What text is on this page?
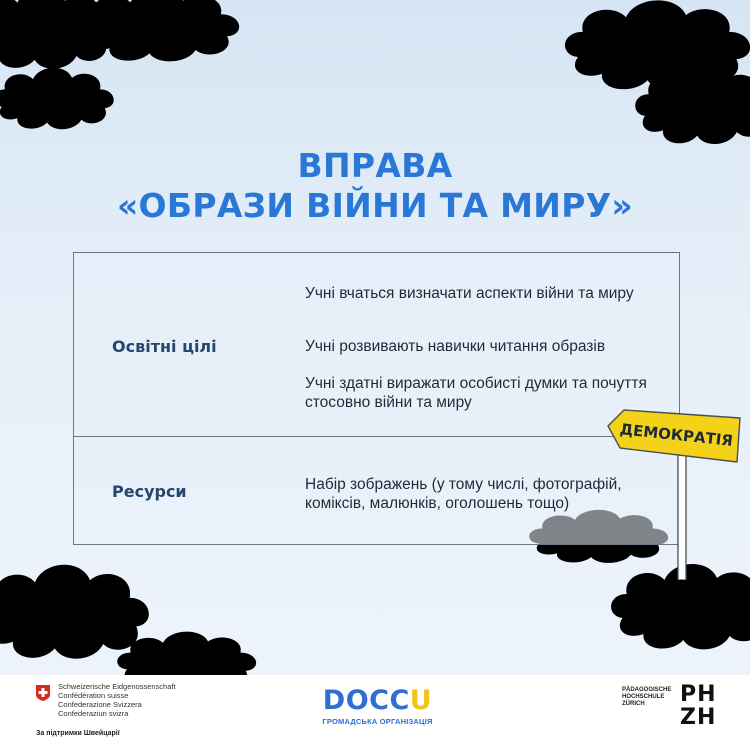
ВПРАВА
«ОБРАЗИ ВІЙНИ ТА МИРУ»
Освітні цілі
Учні вчаться визначати аспекти війни та миру
Учні розвивають навички читання образів
Учні здатні виражати особисті думки та почуття стосовно війни та миру
Ресурси	Набір зображень (у тому числі, фотографій, коміксів, малюнків, оголошень тощо)
ДЕМОКРАТІЯ
Schweizerische Eidgenossenschaft
Confédération suisse
Confederazione Svizzera
Confederaziun svizra
За підтримки Швейцарії
DOCCU
ГРОМАДСЬКА ОРГАНІЗАЦІЯ
PÄDAGOGISCHE
HOCHSCHULE
ZÜRICH	PH
ZH
